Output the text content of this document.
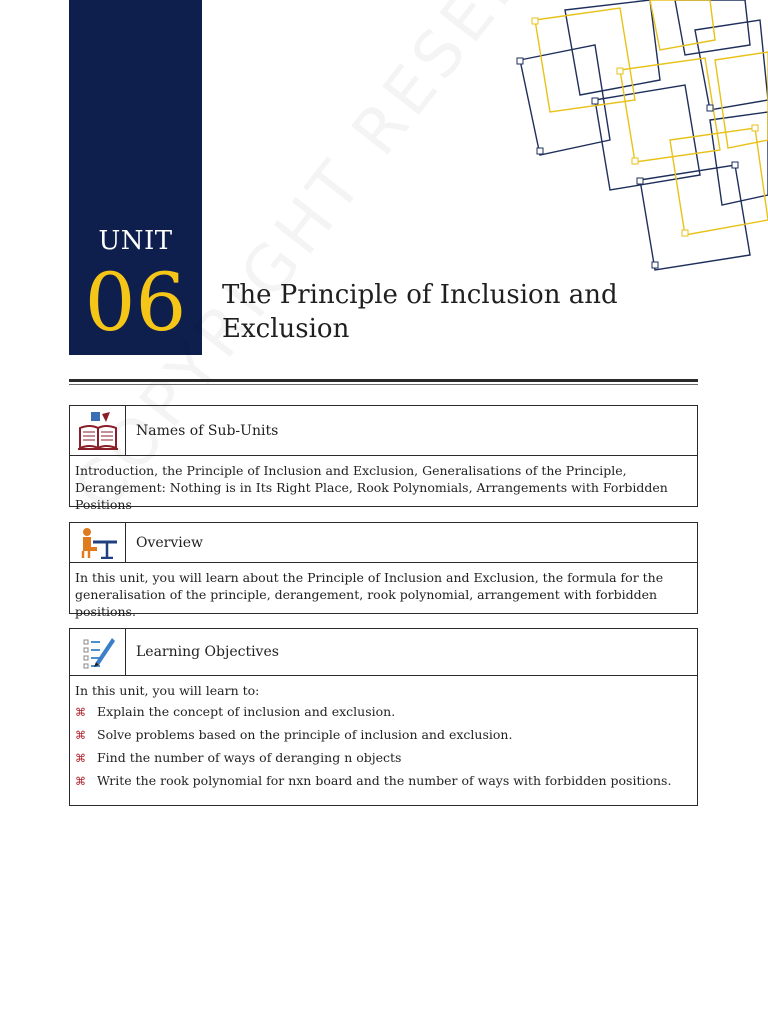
UNIT
06	The Principle of Inclusion and Exclusion
Names of Sub-Units
Introduction, the Principle of Inclusion and Exclusion, Generalisations of the Principle, Derangement: Nothing is in Its Right Place, Rook Polynomials, Arrangements with Forbidden Positions
Overview
In this unit, you will learn about the Principle of Inclusion and Exclusion, the formula for the generalisation of the principle, derangement, rook polynomial, arrangement with forbidden positions.
Learning Objectives
In this unit, you will learn to:
⌘ Explain the concept of inclusion and exclusion.
⌘ Solve problems based on the principle of inclusion and exclusion.
⌘ Find the number of ways of deranging n objects
⌘ Write the rook polynomial for nxn board and the number of ways with forbidden positions.
